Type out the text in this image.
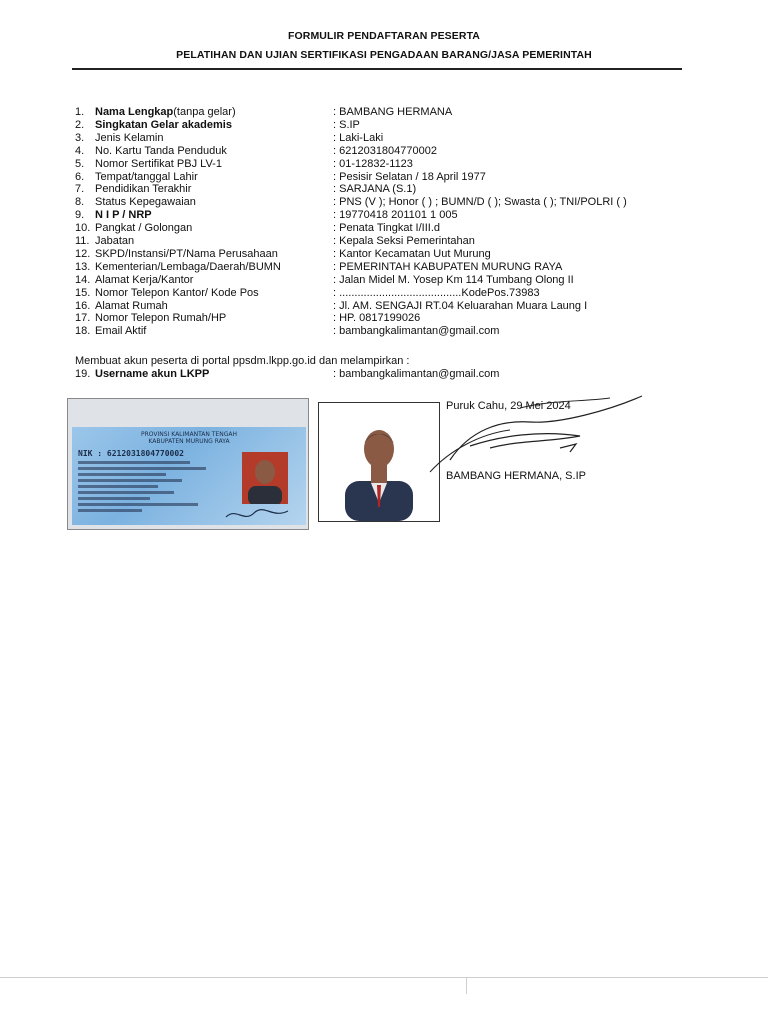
FORMULIR PENDAFTARAN PESERTA
PELATIHAN DAN UJIAN SERTIFIKASI PENGADAAN BARANG/JASA PEMERINTAH
1. Nama Lengkap(tanpa gelar)	: BAMBANG HERMANA
2. Singkatan Gelar akademis	: S.IP
3. Jenis Kelamin	: Laki-Laki
4. No. Kartu Tanda Penduduk	: 6212031804770002
5. Nomor Sertifikat PBJ LV-1	: 01-12832-1123
6. Tempat/tanggal Lahir	: Pesisir Selatan / 18 April 1977
7. Pendidikan Terakhir	: SARJANA (S.1)
8. Status Kepegawaian	: PNS (V ); Honor ( ) ; BUMN/D ( ); Swasta ( ); TNI/POLRI ( )
9. N I P / NRP	: 19770418 201101 1 005
10.Pangkat / Golongan	: Penata Tingkat I/III.d
11. Jabatan	: Kepala Seksi Pemerintahan
12. SKPD/Instansi/PT/Nama Perusahaan	: Kantor Kecamatan Uut Murung
13. Kementerian/Lembaga/Daerah/BUMN	: PEMERINTAH KABUPATEN MURUNG RAYA
14. Alamat Kerja/Kantor	: Jalan Midel M. Yosep Km 114 Tumbang Olong II
15. Nomor Telepon Kantor/ Kode Pos	: ........................................KodePos.73983
16. Alamat Rumah	: Jl. AM. SENGAJI RT.04 Keluarahan Muara Laung I
17. Nomor Telepon Rumah/HP	: HP. 0817199026
18. Email Aktif	: bambangkalimantan@gmail.com
Membuat akun peserta di portal ppsdm.lkpp.go.id dan melampirkan :
19. Username akun LKPP	: bambangkalimantan@gmail.com
PROVINSI KALIMANTAN TENGAH
KABUPATEN MURUNG RAYA
NIK : 6212031804770002
Puruk Cahu, 29 Mei 2024
BAMBANG HERMANA, S.IP
